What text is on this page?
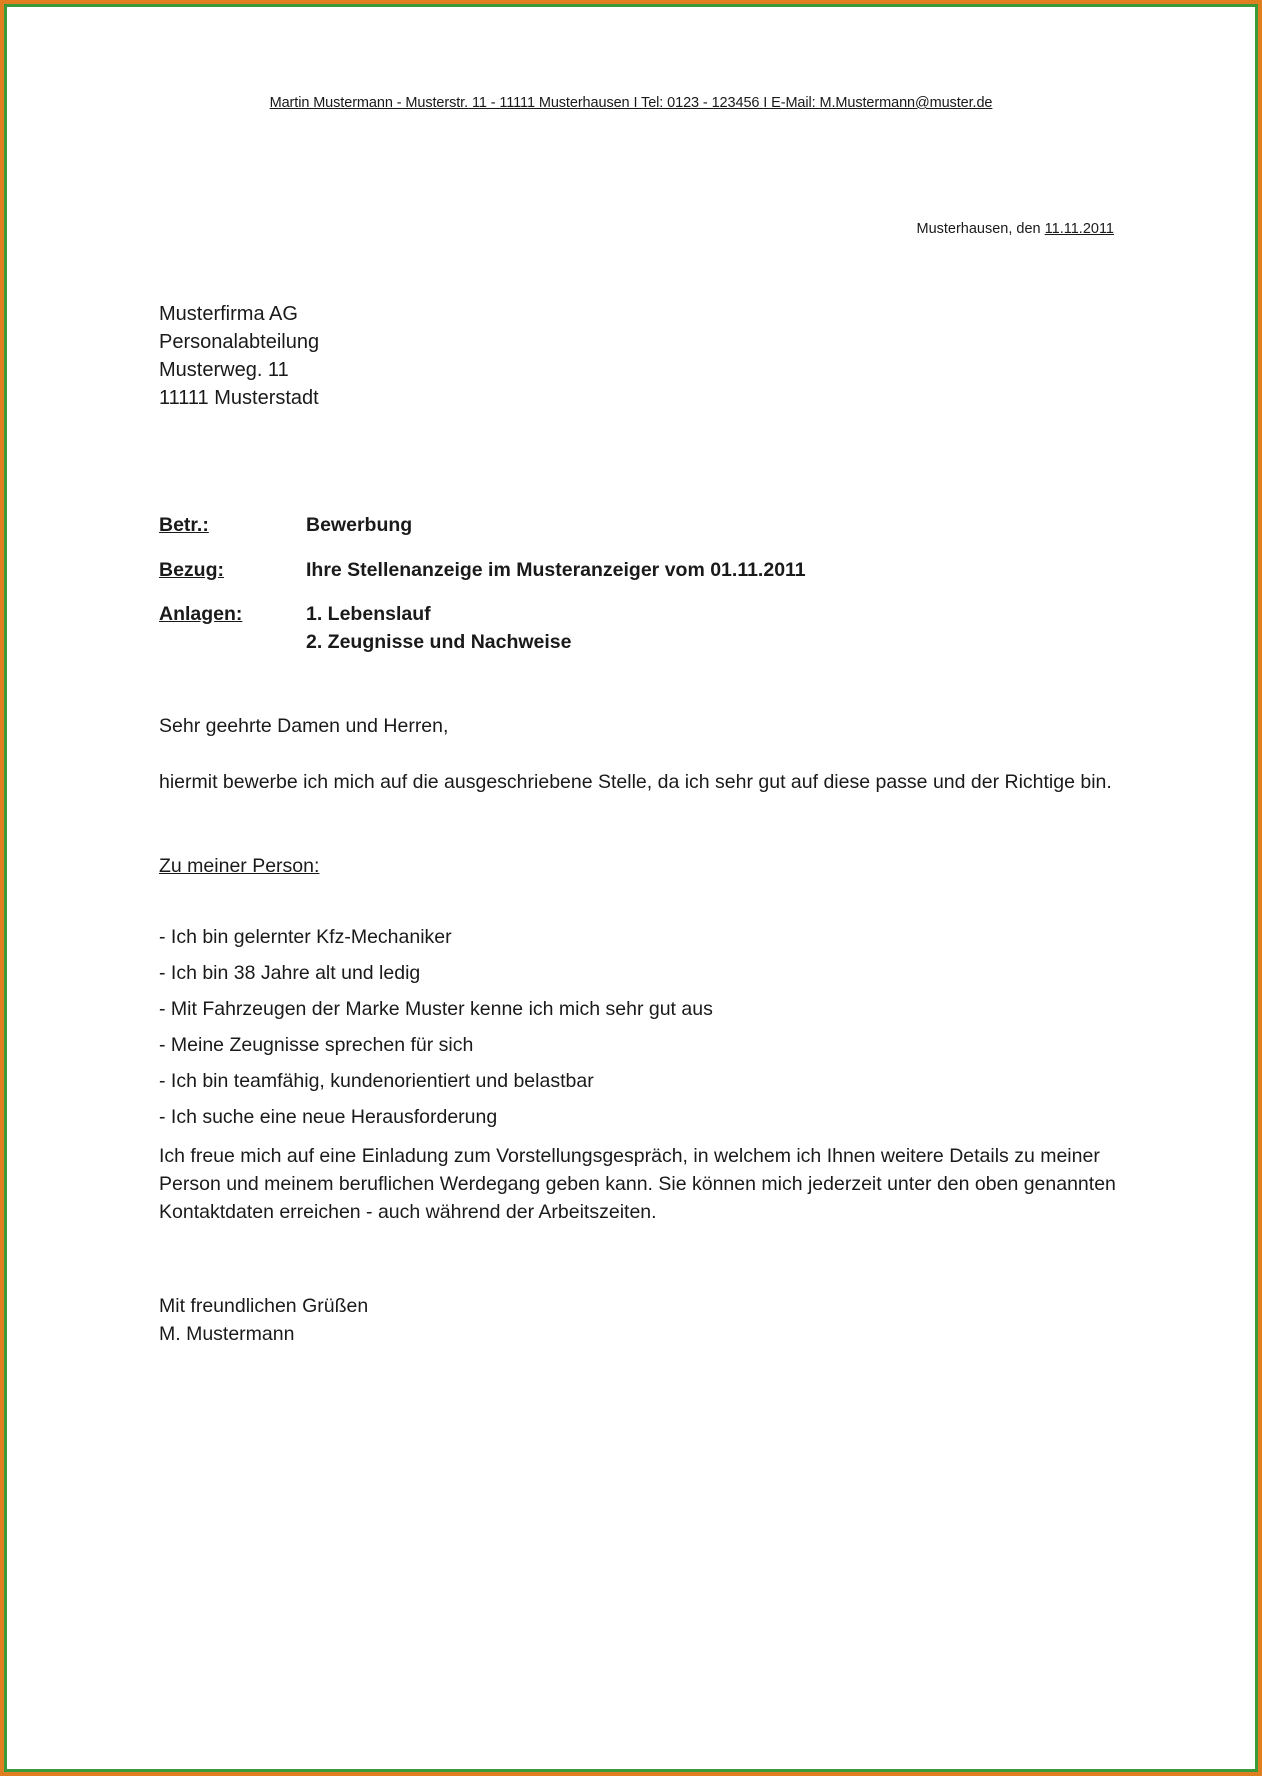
Martin Mustermann - Musterstr. 11 - 11111 Musterhausen I Tel: 0123 - 123456 I E-Mail: M.Mustermann@muster.de
Musterhausen, den 11.11.2011
Musterfirma AG
Personalabteilung
Musterweg. 11
11111 Musterstadt
Betr.:	Bewerbung
Bezug:	Ihre Stellenanzeige im Musteranzeiger vom 01.11.2011
Anlagen:	1. Lebenslauf
2. Zeugnisse und Nachweise
Sehr geehrte Damen und Herren,
hiermit bewerbe ich mich auf die ausgeschriebene Stelle, da ich sehr gut auf diese passe und der Richtige bin.
Zu meiner Person:
- Ich bin gelernter Kfz-Mechaniker
- Ich bin 38 Jahre alt und ledig
- Mit Fahrzeugen der Marke Muster kenne ich mich sehr gut aus
- Meine Zeugnisse sprechen für sich
- Ich bin teamfähig, kundenorientiert und belastbar
- Ich suche eine neue Herausforderung
Ich freue mich auf eine Einladung zum Vorstellungsgespräch, in welchem ich Ihnen weitere Details zu meiner Person und meinem beruflichen Werdegang geben kann. Sie können mich jederzeit unter den oben genannten Kontaktdaten erreichen - auch während der Arbeitszeiten.
Mit freundlichen Grüßen
M. Mustermann
